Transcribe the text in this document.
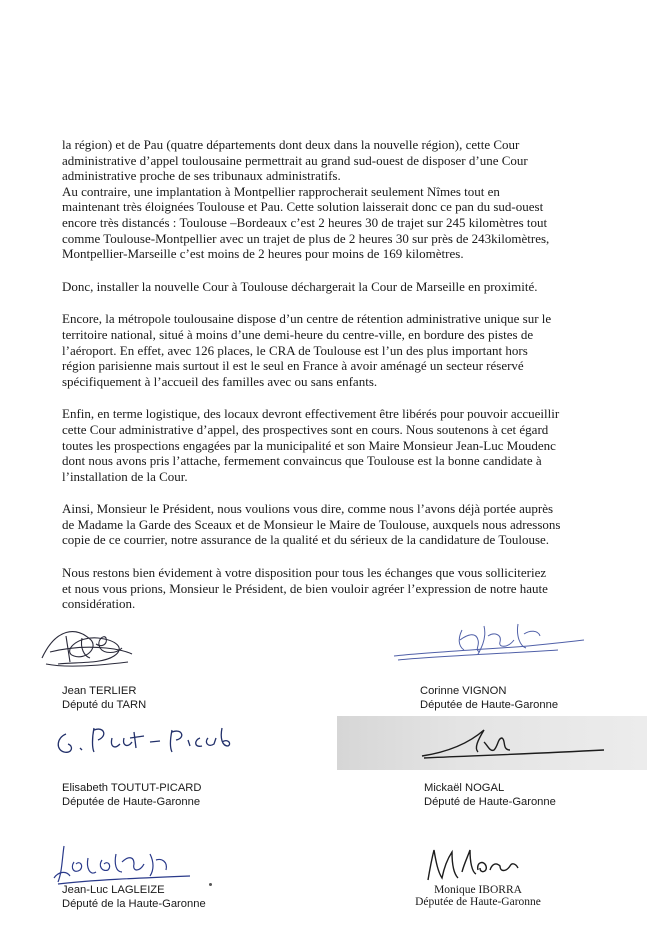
la région) et de Pau (quatre départements dont deux dans la nouvelle région), cette Cour
administrative d’appel toulousaine permettrait au grand sud-ouest de disposer d’une Cour
administrative proche de ses tribunaux administratifs.
Au contraire, une implantation à Montpellier rapprocherait seulement Nîmes tout en
maintenant très éloignées Toulouse et Pau. Cette solution laisserait donc ce pan du sud-ouest
encore très distancés : Toulouse –Bordeaux c’est 2 heures 30 de trajet sur 245 kilomètres tout
comme Toulouse-Montpellier avec un trajet de plus de 2 heures 30 sur près de 243kilomètres,
Montpellier-Marseille c’est moins de 2 heures pour moins de 169 kilomètres.

Donc, installer la nouvelle Cour à Toulouse déchargerait la Cour de Marseille en proximité.

Encore, la métropole toulousaine dispose d’un centre de rétention administrative unique sur le
territoire national, situé à moins d’une demi-heure du centre-ville, en bordure des pistes de
l’aéroport. En effet, avec 126 places, le CRA de Toulouse est l’un des plus important hors
région parisienne mais surtout il est le seul en France à avoir aménagé un secteur réservé
spécifiquement à l’accueil des familles avec ou sans enfants.

Enfin, en terme logistique, des locaux devront effectivement être libérés pour pouvoir accueillir
cette Cour administrative d’appel, des prospectives sont en cours. Nous soutenons à cet égard
toutes les prospections engagées par la municipalité et son Maire Monsieur Jean-Luc Moudenc
dont nous avons pris l’attache, fermement convaincus que Toulouse est la bonne candidate à
l’installation de la Cour.

Ainsi, Monsieur le Président, nous voulions vous dire, comme nous l’avons déjà portée auprès
de Madame la Garde des Sceaux et de Monsieur le Maire de Toulouse, auxquels nous adressons
copie de ce courrier, notre assurance de la qualité et du sérieux de la candidature de Toulouse.

Nous restons bien évidement à votre disposition pour tous les échanges que vous solliciteriez
et nous vous prions, Monsieur le Président, de bien vouloir agréer l’expression de notre haute
considération.

Jean TERLIER
Député du TARN
Corinne VIGNON
Députée de Haute-Garonne
Elisabeth TOUTUT-PICARD
Députée de Haute-Garonne
Mickaël NOGAL
Député de Haute-Garonne
Jean-Luc LAGLEIZE
Député de la Haute-Garonne
Monique IBORRA
Députée de Haute-Garonne
